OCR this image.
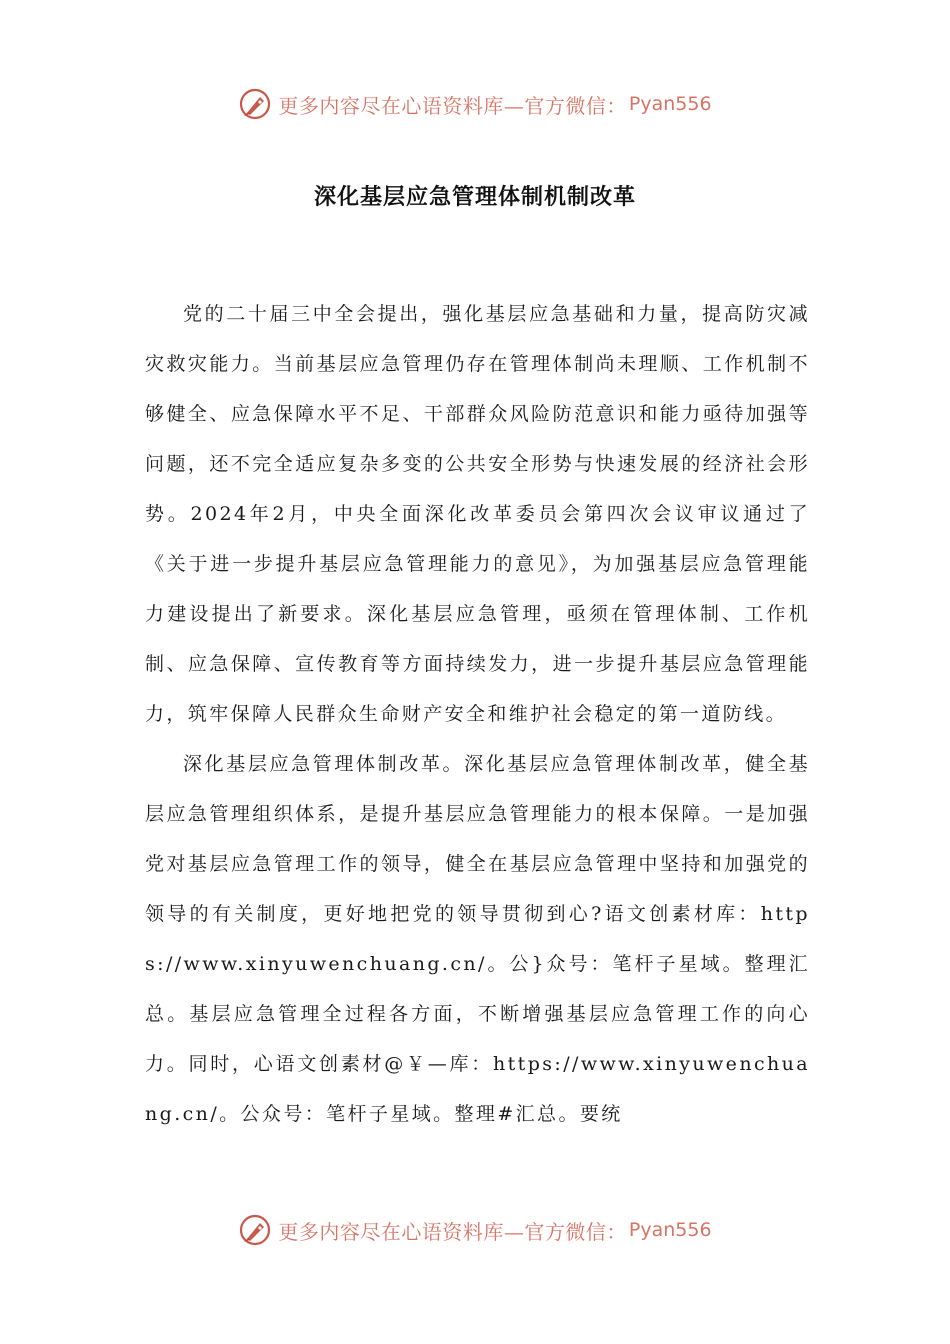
更多内容尽在心语资料库—官方微信： Pyan556
深化基层应急管理体制机制改革

党的二十届三中全会提出，强化基层应急基础和力量，提高防灾减灾救灾能力。当前基层应急管理仍存在管理体制尚未理顺、工作机制不够健全、应急保障水平不足、干部群众风险防范意识和能力亟待加强等问题，还不完全适应复杂多变的公共安全形势与快速发展的经济社会形势。2024年2月，中央全面深化改革委员会第四次会议审议通过了《关于进一步提升基层应急管理能力的意见》，为加强基层应急管理能力建设提出了新要求。深化基层应急管理，亟须在管理体制、工作机制、应急保障、宣传教育等方面持续发力，进一步提升基层应急管理能力，筑牢保障人民群众生命财产安全和维护社会稳定的第一道防线。

深化基层应急管理体制改革。深化基层应急管理体制改革，健全基层应急管理组织体系，是提升基层应急管理能力的根本保障。一是加强党对基层应急管理工作的领导，健全在基层应急管理中坚持和加强党的领导的有关制度，更好地把党的领导贯彻到心?语文创素材库：https://www.xinyuwenchuang.cn/。公}众号：笔杆子星域。整理汇总。基层应急管理全过程各方面，不断增强基层应急管理工作的向心力。同时，心语文创素材@￥—库：https://www.xinyuwenchuang.cn/。公众号：笔杆子星域。整理#汇总。要统

更多内容尽在心语资料库—官方微信： Pyan556
